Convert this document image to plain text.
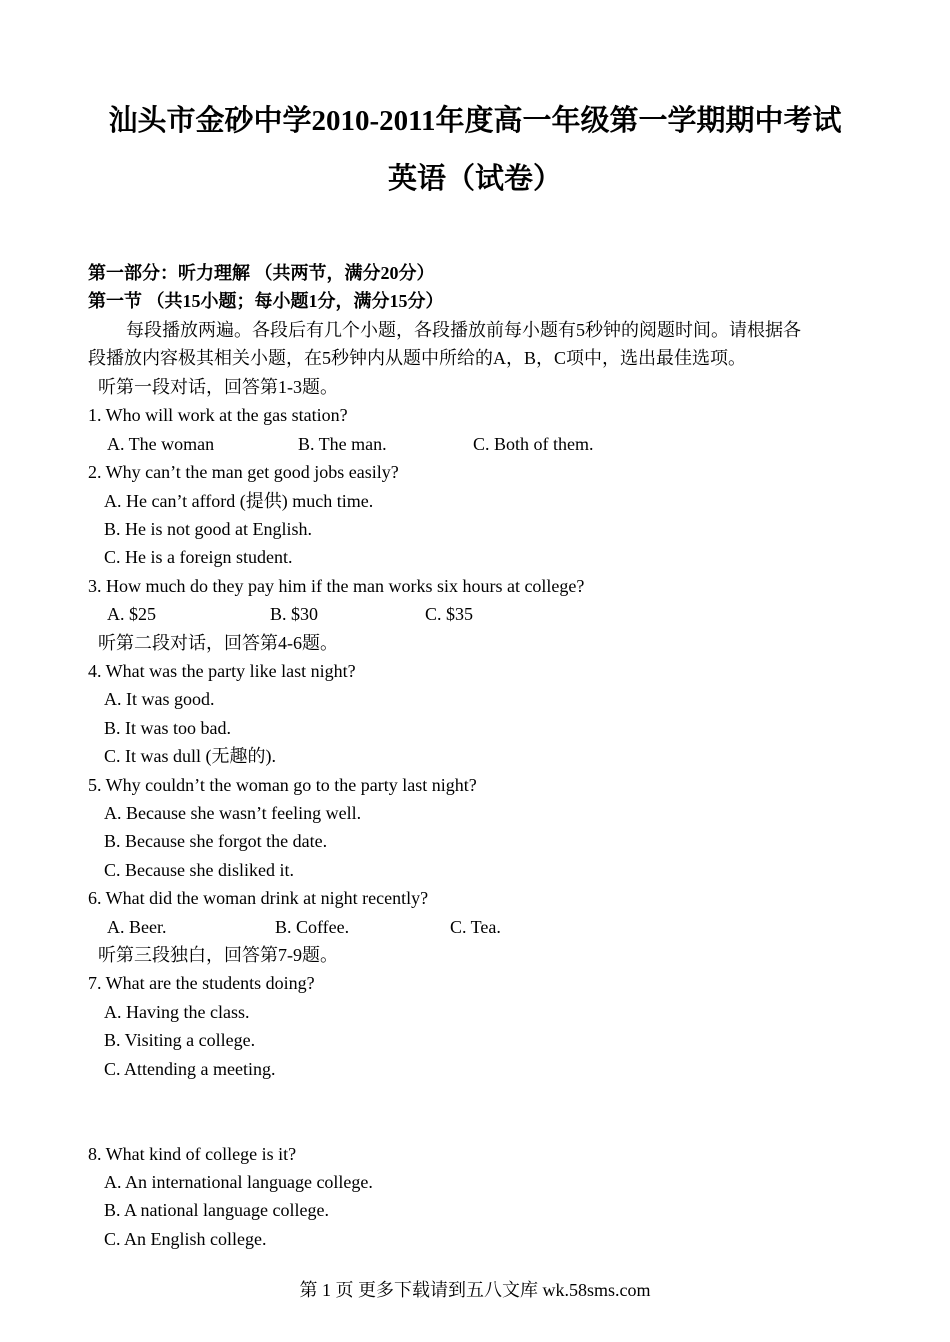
汕头市金砂中学2010-2011年度高一年级第一学期期中考试
英语（试卷）
第一部分：听力理解 （共两节，满分20分）
第一节 （共15小题；每小题1分，满分15分）
每段播放两遍。各段后有几个小题，各段播放前每小题有5秒钟的阅题时间。请根据各
段播放内容极其相关小题，在5秒钟内从题中所给的A，B，C项中，选出最佳选项。
听第一段对话，回答第1-3题。
1. Who will work at the gas station?
A. The woman	B. The man.	C. Both of them.
2. Why can’t the man get good jobs easily?
A. He can’t afford (提供) much time.
B. He is not good at English.
C. He is a foreign student.
3. How much do they pay him if the man works six hours at college?
A. $25	B. $30	C. $35
听第二段对话，回答第4-6题。
4. What was the party like last night?
A. It was good.
B. It was too bad.
C. It was dull (无趣的).
5. Why couldn’t the woman go to the party last night?
A. Because she wasn’t feeling well.
B. Because she forgot the date.
C. Because she disliked it.
6. What did the woman drink at night recently?
A. Beer.	B. Coffee.	C. Tea.
听第三段独白，回答第7-9题。
7. What are the students doing?
A. Having the class.
B. Visiting a college.
C. Attending a meeting.
8. What kind of college is it?
A. An international language college.
B. A national language college.
C. An English college.
第 1 页 更多下载请到五八文库 wk.58sms.com
